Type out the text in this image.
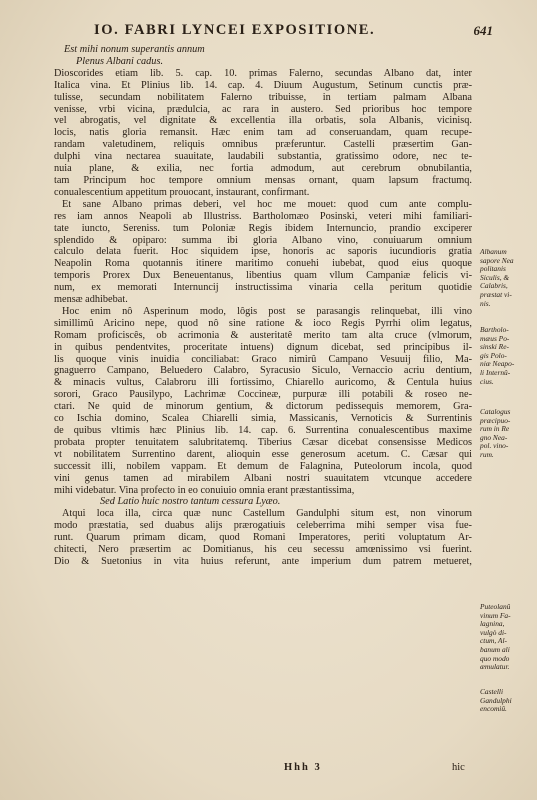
IO. FABRI LYNCEI EXPOSITIONE.	641
Est mihi nonum superantis annum
Plenus Albani cadus.
Dioscorides etiam lib. 5. cap. 10. primas Falerno, secundas Albano dat, inter
Italica vina. Et Plinius lib. 14. cap. 4. Diuum Augustum, Setinum cunctis præ-
tulisse, secundam nobilitatem Falerno tribuisse, in tertiam palmam Albana
venisse, vrbi vicina, prædulcia, ac rara in austero. Sed prioribus hoc tempore
vel abrogatis, vel dignitate & excellentia illa orbatis, sola Albanis, vicinisq.
locis, natis gloria remansit. Hæc enim tam ad conseruandam, quam recupe-
randam valetudinem, reliquis omnibus præferuntur. Castelli præsertim Gan-
dulphi vina nectarea suauitate, laudabili substantia, gratissimo odore, nec te-
nuia plane, & exilia, nec fortia admodum, aut cerebrum obnubilantia,
tam Principum hoc tempore omnium mensas ornant, quam lapsum fractumq.
conualescentium appetitum prouocant, instaurant, confirmant.
Et sane Albano primas deberi, vel hoc me mouet: quod cum ante complu-
res iam annos Neapoli ab Illustriss. Bartholomæo Posinski, veteri mihi familiari-
tate iuncto, Sereniss. tum Poloniæ Regis ibidem Internuncio, prandio exciperer
splendido & opiparo: summa ibi gloria Albano vino, conuiuarum omnium
calculo delata fuerit. Hoc siquidem ipse, honoris ac saporis iucundioris gratia
Neapolin Roma quotannis itinere maritimo conuehi iubebat, quod eius quoque
temporis Prorex Dux Beneuentanus, libentius quam vllum Campaniæ felicis vi-
num, ex memorati Internuncij instructissima vinaria cella peritum quotidie
mensæ adhibebat.
Hoc enim nô Asperinum modo, lôgis post se parasangis relinquebat, illi vino
simillimû Aricino nepe, quod nô sine ratione & ioco Regis Pyrrhi olim legatus,
Romam proficiscês, ob acrimonia & austeritatê merito tam alta cruce (vlmorum,
in quibus pendentvites, proceritate intuens) dignum dicebat, sed principibus il-
lis quoque vinis inuidia conciliabat: Graco nimirû Campano Vesuuij filio, Ma-
gnaguerro Campano, Beluedero Calabro, Syracusio Siculo, Vernaccio acriu dentium,
& minacis vultus, Calabroru illi fortissimo, Chiarello auricomo, & Centula huius
sorori, Graco Pausilypo, Lachrimæ Coccineæ, purpuræ illi potabili & roseo ne-
ctari. Ne quid de minorum gentium, & dictorum pedissequis memorem, Gra-
co Ischia domino, Scalea Chiarelli simia, Massicanis, Vernoticis & Surrentinis
de quibus vltimis hæc Plinius lib. 14. cap. 6. Surrentina conualescentibus maxime
probata propter tenuitatem salubritatemq. Tiberius Cæsar dicebat consensisse Medicos
vt nobilitatem Surrentino darent, alioquin esse generosum acetum. C. Cæsar qui
successit illi, nobilem vappam. Et demum de Falagnina, Puteolorum incola, quod
vini genus tamen ad mirabilem Albani nostri suauitatem vtcunque accedere
mihi videbatur. Vina profecto in eo conuiuio omnia erant præstantissima,
Sed Latio huic nostro tantum cessura Lyæo.
Atqui loca illa, circa quæ nunc Castellum Gandulphi situm est, non vinorum
modo præstatia, sed duabus alijs prærogatiuis celeberrima mihi semper visa fue-
runt. Quarum primam dicam, quod Romani Imperatores, periti voluptatum Ar-
chitecti, Nero præsertim ac Domitianus, his ceu secessu amœnissimo vsi fuerint.
Dio & Suetonius in vita huius referunt, ante imperium dum patrem metueret,
Albanum
sapore Nea
politanis
Siculis, &
Calabris,
præstat vi-
nis.
Bartholo-
mæus Po-
sinski Re-
gis Polo-
niæ Neapo-
li Internû-
cius.
Catalogus
præcipuo-
rum in Re
gno Nea-
pol. vino-
rum.
Puteolanû
vinum Fa-
lagnina,
vulgò di-
ctum, Al-
banum ali
quo modo
æmulatur.
Castelli
Gandulphi
encomiû.
Hhh 3	hic
